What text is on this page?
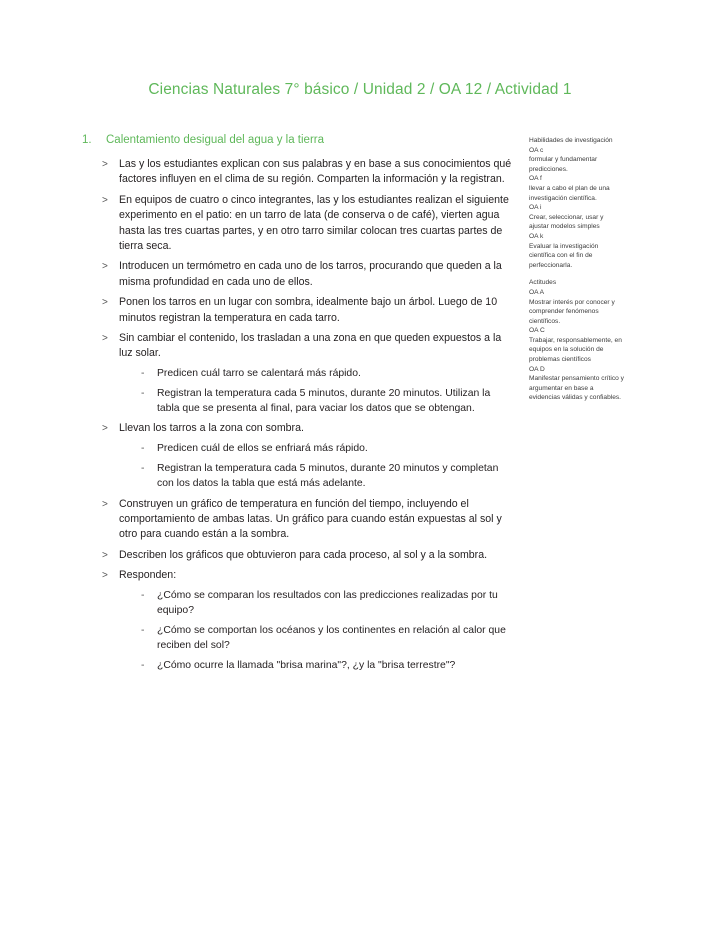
Ciencias Naturales 7° básico / Unidad 2 / OA 12 / Actividad 1
1. Calentamiento desigual del agua y la tierra
> Las y los estudiantes explican con sus palabras y en base a sus conocimientos qué factores influyen en el clima de su región. Comparten la información y la registran.
> En equipos de cuatro o cinco integrantes, las y los estudiantes realizan el siguiente experimento en el patio: en un tarro de lata (de conserva o de café), vierten agua hasta las tres cuartas partes, y en otro tarro similar colocan tres cuartas partes de tierra seca.
> Introducen un termómetro en cada uno de los tarros, procurando que queden a la misma profundidad en cada uno de ellos.
> Ponen los tarros en un lugar con sombra, idealmente bajo un árbol. Luego de 10 minutos registran la temperatura en cada tarro.
> Sin cambiar el contenido, los trasladan a una zona en que queden expuestos a la luz solar.
- Predicen cuál tarro se calentará más rápido.
- Registran la temperatura cada 5 minutos, durante 20 minutos. Utilizan la tabla que se presenta al final, para vaciar los datos que se obtengan.
> Llevan los tarros a la zona con sombra.
- Predicen cuál de ellos se enfriará más rápido.
- Registran la temperatura cada 5 minutos, durante 20 minutos y completan con los datos la tabla que está más adelante.
> Construyen un gráfico de temperatura en función del tiempo, incluyendo el comportamiento de ambas latas. Un gráfico para cuando están expuestas al sol y otro para cuando están a la sombra.
> Describen los gráficos que obtuvieron para cada proceso, al sol y a la sombra.
> Responden:
- ¿Cómo se comparan los resultados con las predicciones realizadas por tu equipo?
- ¿Cómo se comportan los océanos y los continentes en relación al calor que reciben del sol?
- ¿Cómo ocurre la llamada "brisa marina"?, ¿y la "brisa terrestre"?
Habilidades de investigación
OA c
formular y fundamentar predicciones.
OA f
llevar a cabo el plan de una investigación científica.
OA i
Crear, seleccionar, usar y ajustar modelos simples
OA k
Evaluar la investigación científica con el fin de perfeccionarla.
Actitudes
OA A
Mostrar interés por conocer y comprender fenómenos científicos.
OA C
Trabajar, responsablemente, en equipos en la solución de problemas científicos
OA D
Manifestar pensamiento crítico y argumentar en base a evidencias válidas y confiables.
